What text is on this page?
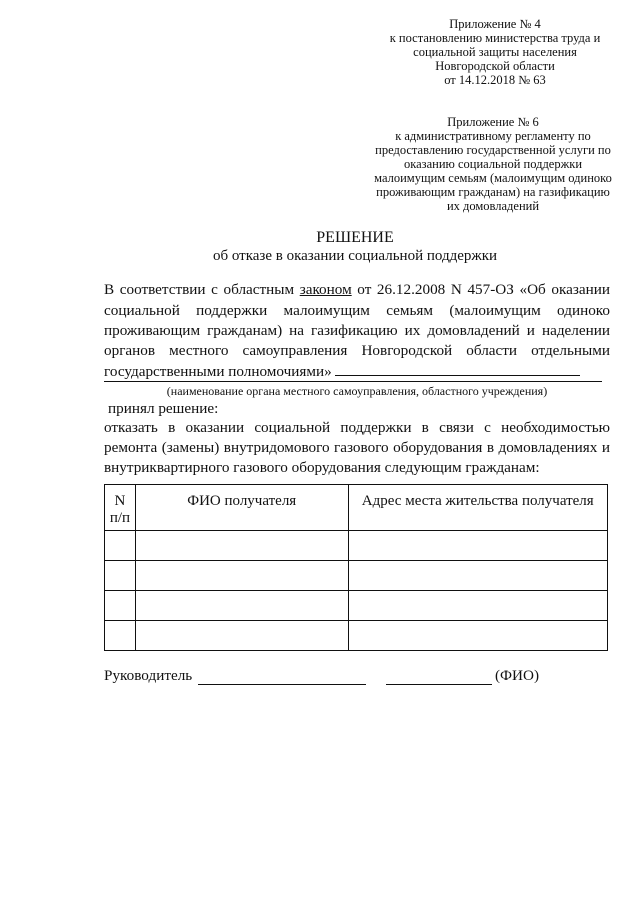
Приложение № 4
к постановлению министерства труда и
социальной защиты населения
Новгородской области
от 14.12.2018 № 63
Приложение № 6
к административному регламенту по
предоставлению государственной услуги по
оказанию социальной поддержки
малоимущим семьям (малоимущим одиноко
проживающим гражданам) на газификацию
их домовладений
РЕШЕНИЕ
об отказе в оказании социальной поддержки
В соответствии с областным законом от 26.12.2008 N 457-ОЗ «Об оказании
социальной поддержки малоимущим семьям (малоимущим одиноко
проживающим гражданам) на газификацию их домовладений и наделении
органов местного самоуправления Новгородской области отдельными
государственными полномочиями»
(наименование органа местного самоуправления, областного учреждения)
принял решение:
отказать в оказании социальной поддержки в связи с необходимостью
ремонта (замены) внутридомового газового оборудования в домовладениях и
внутриквартирного газового оборудования следующим гражданам:
N
п/п	ФИО получателя	Адрес места жительства получателя

Руководитель	(ФИО)
